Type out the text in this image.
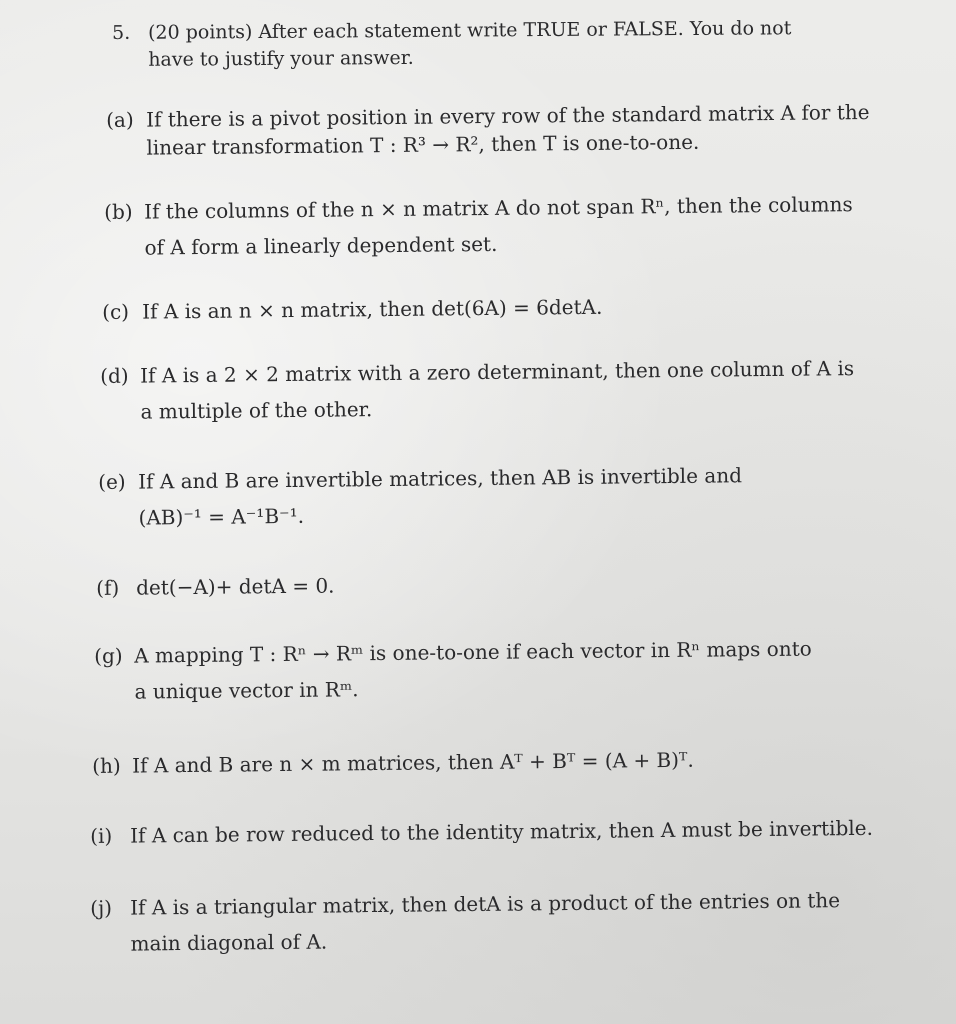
5. (20 points) After each statement write TRUE or FALSE. You do not
have to justify your answer.
(a) If there is a pivot position in every row of the standard matrix A for the
linear transformation T : R³ → R², then T is one-to-one.
(b) If the columns of the n × n matrix A do not span Rⁿ, then the columns
of A form a linearly dependent set.
(c) If A is an n × n matrix, then det(6A) = 6detA.
(d) If A is a 2 × 2 matrix with a zero determinant, then one column of A is
a multiple of the other.
(e) If A and B are invertible matrices, then AB is invertible and
(AB)⁻¹ = A⁻¹B⁻¹.
(f) det(−A)+ detA = 0.
(g) A mapping T : Rⁿ → Rᵐ is one-to-one if each vector in Rⁿ maps onto
a unique vector in Rᵐ.
(h) If A and B are n × m matrices, then Aᵀ + Bᵀ = (A + B)ᵀ.
(i) If A can be row reduced to the identity matrix, then A must be invertible.
(j) If A is a triangular matrix, then detA is a product of the entries on the
main diagonal of A.
